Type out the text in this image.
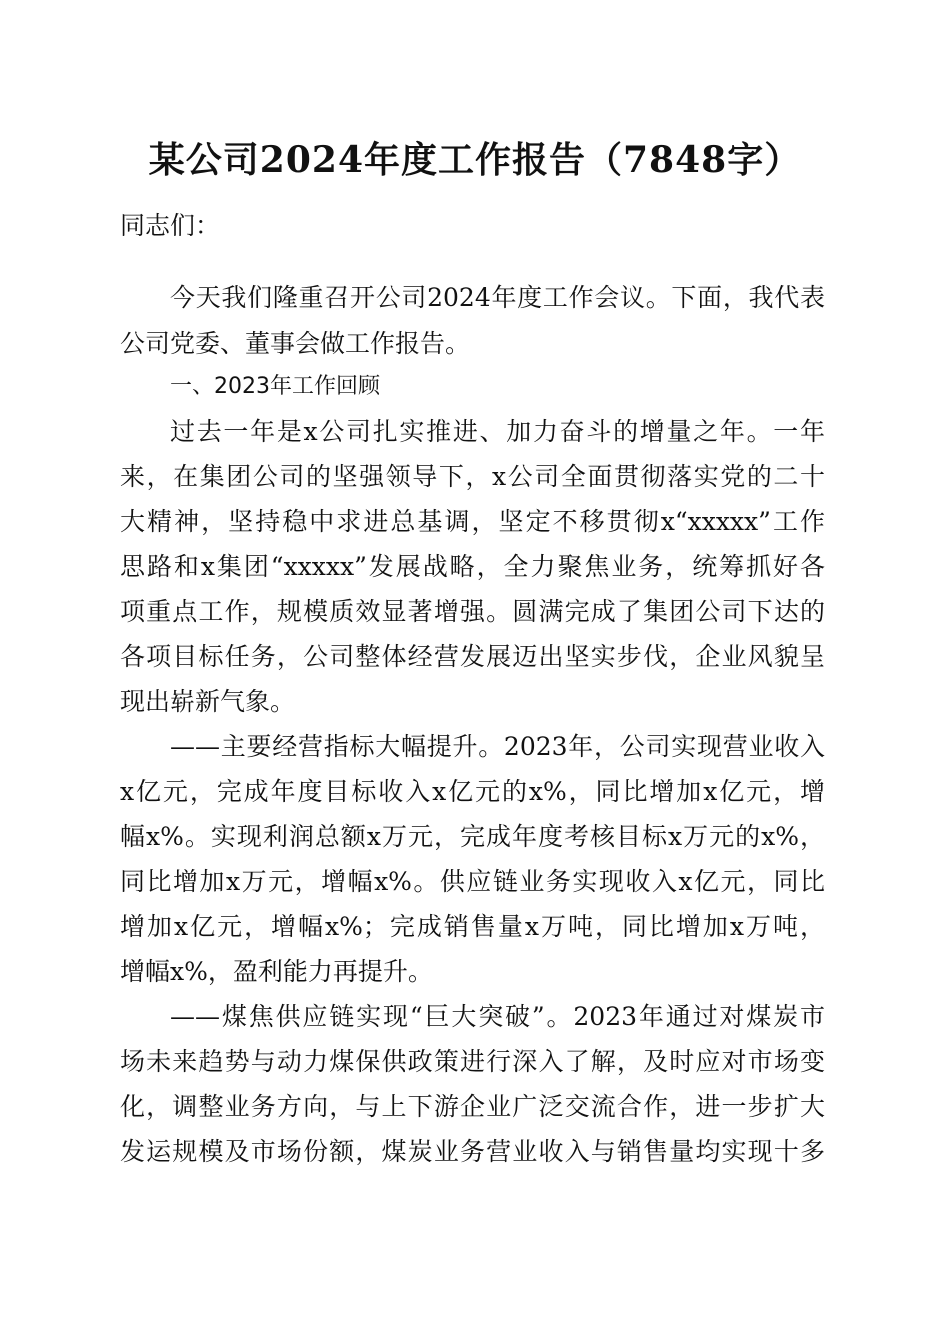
某公司2024年度工作报告（7848字）
同志们：
今天我们隆重召开公司2024年度工作会议。下面，我代表
公司党委、董事会做工作报告。
一、2023年工作回顾
过去一年是x公司扎实推进、加力奋斗的增量之年。一年
来，在集团公司的坚强领导下，x公司全面贯彻落实党的二十
大精神，坚持稳中求进总基调，坚定不移贯彻x“xxxxx”工作
思路和x集团“xxxxx”发展战略，全力聚焦业务，统筹抓好各
项重点工作，规模质效显著增强。圆满完成了集团公司下达的
各项目标任务，公司整体经营发展迈出坚实步伐，企业风貌呈
现出崭新气象。
——主要经营指标大幅提升。2023年，公司实现营业收入
x亿元，完成年度目标收入x亿元的x%，同比增加x亿元，增
幅x%。实现利润总额x万元，完成年度考核目标x万元的x%，
同比增加x万元，增幅x%。供应链业务实现收入x亿元，同比
增加x亿元，增幅x%；完成销售量x万吨，同比增加x万吨，
增幅x%，盈利能力再提升。
——煤焦供应链实现“巨大突破”。2023年通过对煤炭市
场未来趋势与动力煤保供政策进行深入了解，及时应对市场变
化，调整业务方向，与上下游企业广泛交流合作，进一步扩大
发运规模及市场份额，煤炭业务营业收入与销售量均实现十多
